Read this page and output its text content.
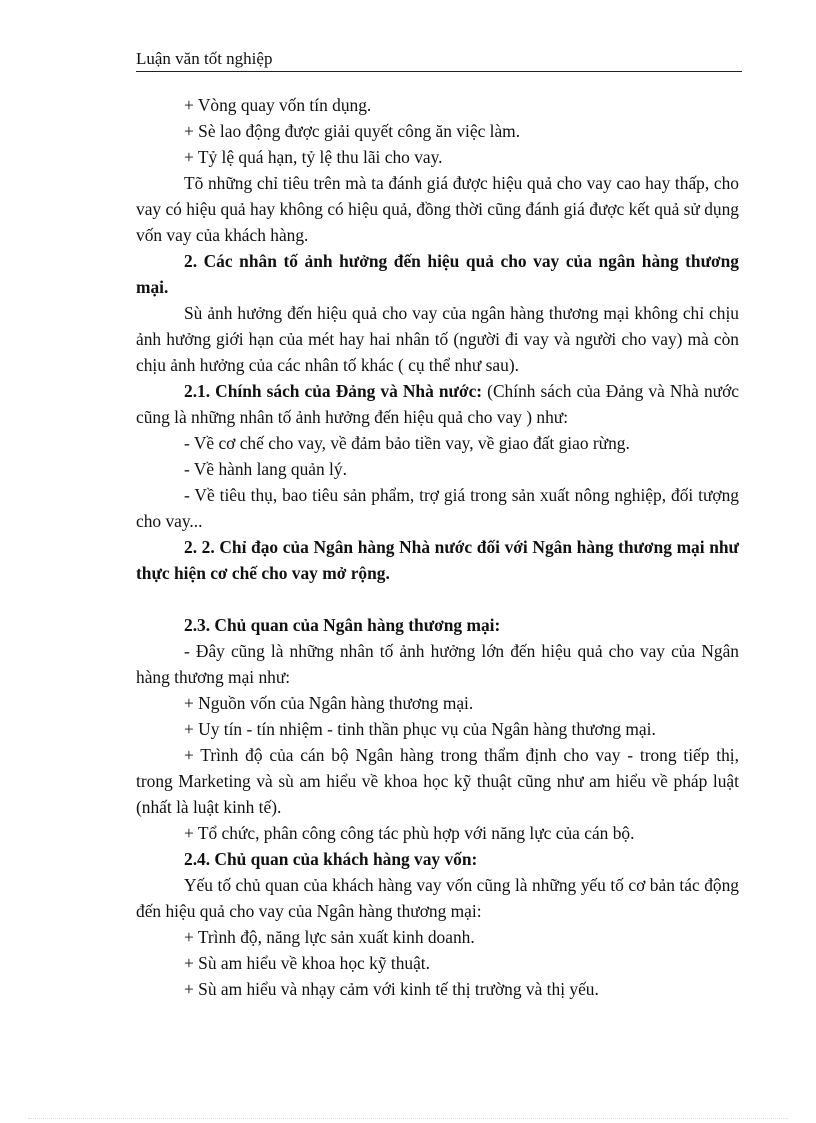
Luận văn tốt nghiệp

+ Vòng quay vốn tín dụng.

+ Sè lao động được giải quyết công ăn việc làm.

+ Tỷ lệ quá hạn, tỷ lệ thu lãi cho vay.

Tõ những chỉ tiêu trên mà ta đánh giá được hiệu quả cho vay cao hay thấp, cho vay có hiệu quả hay không có hiệu quả, đồng thời cũng đánh giá được kết quả sử dụng vốn vay của khách hàng.

2. Các nhân tố ảnh hưởng đến hiệu quả cho vay của ngân hàng thương mại.

Sù ảnh hưởng đến hiệu quả cho vay của ngân hàng thương mại không chỉ chịu ảnh hưởng giới hạn của mét hay hai nhân tố (người đi vay và người cho vay) mà còn chịu ảnh hưởng của các nhân tố khác ( cụ thể như sau).

2.1. Chính sách của Đảng và Nhà nước: (Chính sách của Đảng và Nhà nước cũng là những nhân tố ảnh hưởng đến hiệu quả cho vay ) như:

- Về cơ chế cho vay, về đảm bảo tiền vay, về giao đất giao rừng.

- Về hành lang quản lý.

- Về tiêu thụ, bao tiêu sản phẩm, trợ giá trong sản xuất nông nghiệp, đối tượng cho vay...

2. 2. Chỉ đạo của Ngân hàng Nhà nước đối với Ngân hàng thương mại như thực hiện cơ chế cho vay mở rộng.

2.3. Chủ quan của Ngân hàng thương mại:

- Đây cũng là những nhân tố ảnh hưởng lớn đến hiệu quả cho vay của Ngân hàng thương mại như:

+ Nguồn vốn của Ngân hàng thương mại.

+ Uy tín - tín nhiệm - tinh thần phục vụ của Ngân hàng thương mại.

+ Trình độ của cán bộ Ngân hàng trong thẩm định cho vay - trong tiếp thị, trong Marketing và sù am hiểu về khoa học kỹ thuật cũng như am hiểu về pháp luật (nhất là luật kinh tế).

+ Tổ chức, phân công công tác phù hợp với năng lực của cán bộ.

2.4. Chủ quan của khách hàng vay vốn:

Yếu tố chủ quan của khách hàng vay vốn cũng là những yếu tố cơ bản tác động đến hiệu quả cho vay của Ngân hàng thương mại:

+ Trình độ, năng lực sản xuất kinh doanh.

+ Sù am hiểu về khoa học kỹ thuật.

+ Sù am hiểu và nhạy cảm với kinh tế thị trường và thị yếu.
